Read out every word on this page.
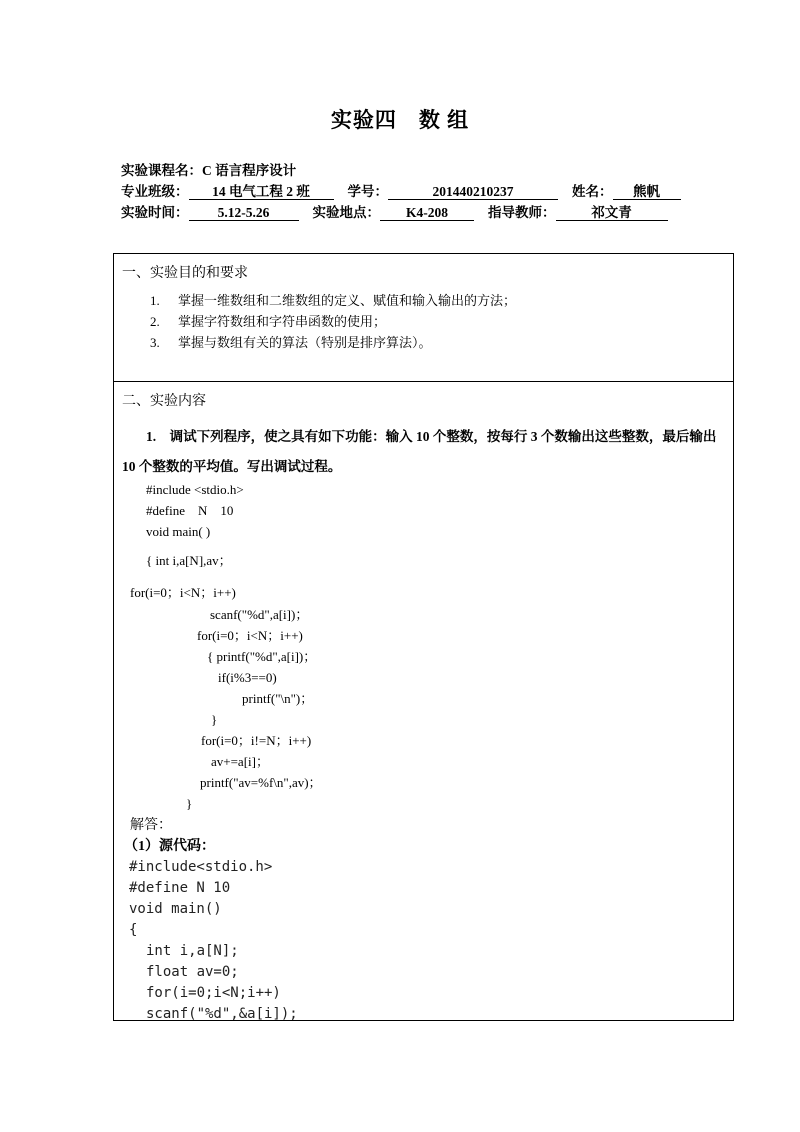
实验四　数 组
实验课程名：C 语言程序设计
专业班级： 14 电气工程 2 班	学号：	201440210237	姓名： 熊帆
实验时间： 5.12-5.26	实验地点： K4-208	指导教师：	祁文青
一、实验目的和要求
1. 掌握一维数组和二维数组的定义、赋值和输入输出的方法；
2. 掌握字符数组和字符串函数的使用；
3. 掌握与数组有关的算法（特别是排序算法）。
二、实验内容
1.　调试下列程序，使之具有如下功能：输入 10 个整数，按每行 3 个数输出这些整数，最后输出 10 个整数的平均值。写出调试过程。
#include <stdio.h>
#define　N　10
void main( )
{ int i,a[N],av；
for(i=0；i<N；i++)
scanf("%d",a[i])；
for(i=0；i<N；i++)
{ printf("%d",a[i])；
if(i%3==0)
printf("\n")；
}
for(i=0；i!=N；i++)
av+=a[i]；
printf("av=%f\n",av)；
}
解答：
（1）源代码：
#include<stdio.h>
#define N 10
void main()
{
int i,a[N];
float av=0;
for(i=0;i<N;i++)
scanf("%d",&a[i]);
